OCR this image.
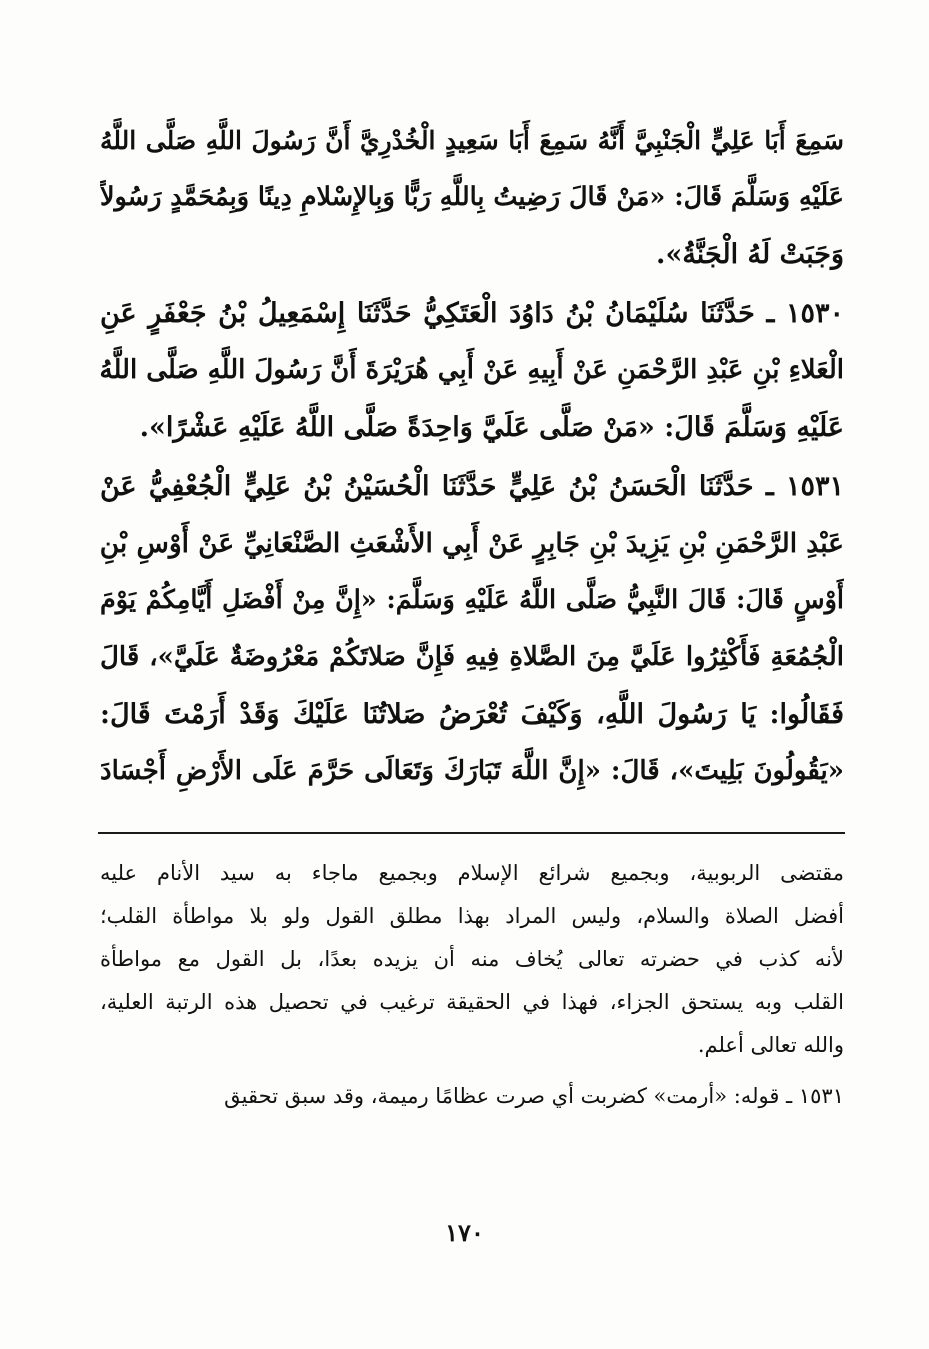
سَمِعَ أَبَا عَلِيٍّ الْجَنْبِيَّ أَنَّهُ سَمِعَ أَبَا سَعِيدٍ الْخُدْرِيَّ أَنَّ رَسُولَ اللَّهِ صَلَّى اللَّهُ
عَلَيْهِ وَسَلَّمَ قَالَ: «مَنْ قَالَ رَضِيتُ بِاللَّهِ رَبًّا وَبِالإِسْلامِ دِينًا وَبِمُحَمَّدٍ رَسُولاً
وَجَبَتْ لَهُ الْجَنَّةُ».
١٥٣٠ ـ حَدَّثَنَا سُلَيْمَانُ بْنُ دَاوُدَ الْعَتَكِيُّ حَدَّثَنَا إِسْمَعِيلُ بْنُ جَعْفَرٍ عَنِ
الْعَلاءِ بْنِ عَبْدِ الرَّحْمَنِ عَنْ أَبِيهِ عَنْ أَبِي هُرَيْرَةَ أَنَّ رَسُولَ اللَّهِ صَلَّى اللَّهُ
عَلَيْهِ وَسَلَّمَ قَالَ: «مَنْ صَلَّى عَلَيَّ وَاحِدَةً صَلَّى اللَّهُ عَلَيْهِ عَشْرًا».
١٥٣١ ـ حَدَّثَنَا الْحَسَنُ بْنُ عَلِيٍّ حَدَّثَنَا الْحُسَيْنُ بْنُ عَلِيٍّ الْجُعْفِيُّ عَنْ
عَبْدِ الرَّحْمَنِ بْنِ يَزِيدَ بْنِ جَابِرٍ عَنْ أَبِي الأَشْعَثِ الصَّنْعَانِيِّ عَنْ أَوْسِ بْنِ
أَوْسٍ قَالَ: قَالَ النَّبِيُّ صَلَّى اللَّهُ عَلَيْهِ وَسَلَّمَ: «إِنَّ مِنْ أَفْضَلِ أَيَّامِكُمْ يَوْمَ
الْجُمُعَةِ فَأَكْثِرُوا عَلَيَّ مِنَ الصَّلاةِ فِيهِ فَإِنَّ صَلاتَكُمْ مَعْرُوضَةٌ عَلَيَّ»، قَالَ
فَقَالُوا: يَا رَسُولَ اللَّهِ، وَكَيْفَ تُعْرَضُ صَلاتُنَا عَلَيْكَ وَقَدْ أَرَمْتَ قَالَ:
«يَقُولُونَ بَلِيتَ»، قَالَ: «إِنَّ اللَّهَ تَبَارَكَ وَتَعَالَى حَرَّمَ عَلَى الأَرْضِ أَجْسَادَ
مقتضى الربوبية، وبجميع شرائع الإسلام وبجميع ماجاء به سيد الأنام عليه
أفضل الصلاة والسلام، وليس المراد بهذا مطلق القول ولو بلا مواطأة القلب؛
لأنه كذب في حضرته تعالى يُخاف منه أن يزيده بعدًا، بل القول مع مواطأة
القلب وبه يستحق الجزاء، فهذا في الحقيقة ترغيب في تحصيل هذه الرتبة العلية،
والله تعالى أعلم.
١٥٣١ ـ قوله: «أرمت» كضربت أي صرت عظامًا رميمة، وقد سبق تحقيق
١٧٠
